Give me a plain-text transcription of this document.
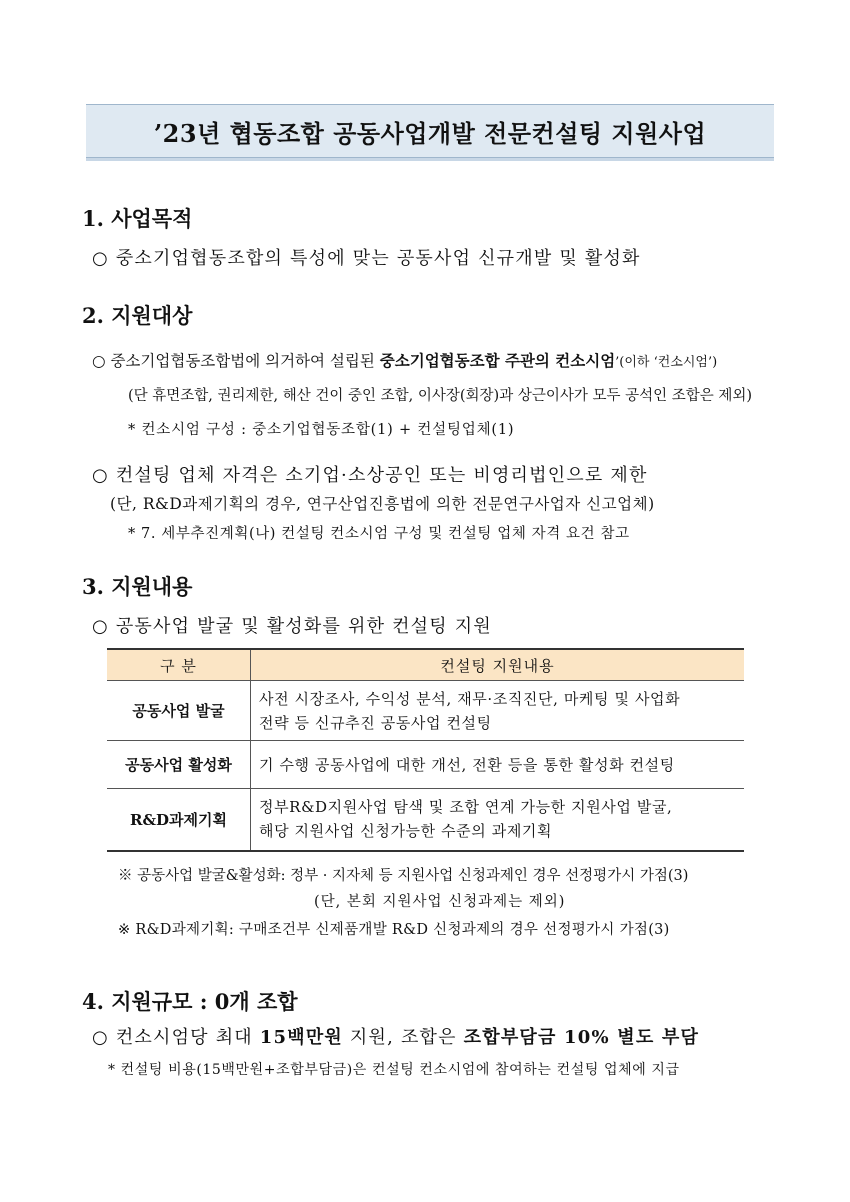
’23년 협동조합 공동사업개발 전문컨설팅 지원사업
1. 사업목적
○ 중소기업협동조합의 특성에 맞는 공동사업 신규개발 및 활성화
2. 지원대상
○ 중소기업협동조합법에 의거하여 설립된 중소기업협동조합 주관의 컨소시엄’(이하 ‘컨소시엄’)
(단 휴면조합, 권리제한, 해산 건이 중인 조합, 이사장(회장)과 상근이사가 모두 공석인 조합은 제외)
* 컨소시엄 구성 : 중소기업협동조합(1) + 컨설팅업체(1)
○ 컨설팅 업체 자격은 소기업·소상공인 또는 비영리법인으로 제한
(단, R&D과제기획의 경우, 연구산업진흥법에 의한 전문연구사업자 신고업체)
* 7. 세부추진계획(나) 컨설팅 컨소시엄 구성 및 컨설팅 업체 자격 요건 참고
3. 지원내용
○ 공동사업 발굴 및 활성화를 위한 컨설팅 지원
구 분	컨설팅 지원내용
공동사업 발굴	사전 시장조사, 수익성 분석, 재무·조직진단, 마케팅 및 사업화
전략 등 신규추진 공동사업 컨설팅

공동사업 활성화	기 수행 공동사업에 대한 개선, 전환 등을 통한 활성화 컨설팅

R&D과제기획	정부R&D지원사업 탐색 및 조합 연계 가능한 지원사업 발굴,
해당 지원사업 신청가능한 수준의 과제기획
※ 공동사업 발굴&활성화: 정부 · 지자체 등 지원사업 신청과제인 경우 선정평가시 가점(3)
(단, 본회 지원사업 신청과제는 제외)
※ R&D과제기획: 구매조건부 신제품개발 R&D 신청과제의 경우 선정평가시 가점(3)
4. 지원규모 : 0개 조합
○ 컨소시엄당 최대 15백만원 지원, 조합은 조합부담금 10% 별도 부담
* 컨설팅 비용(15백만원+조합부담금)은 컨설팅 컨소시엄에 참여하는 컨설팅 업체에 지급
